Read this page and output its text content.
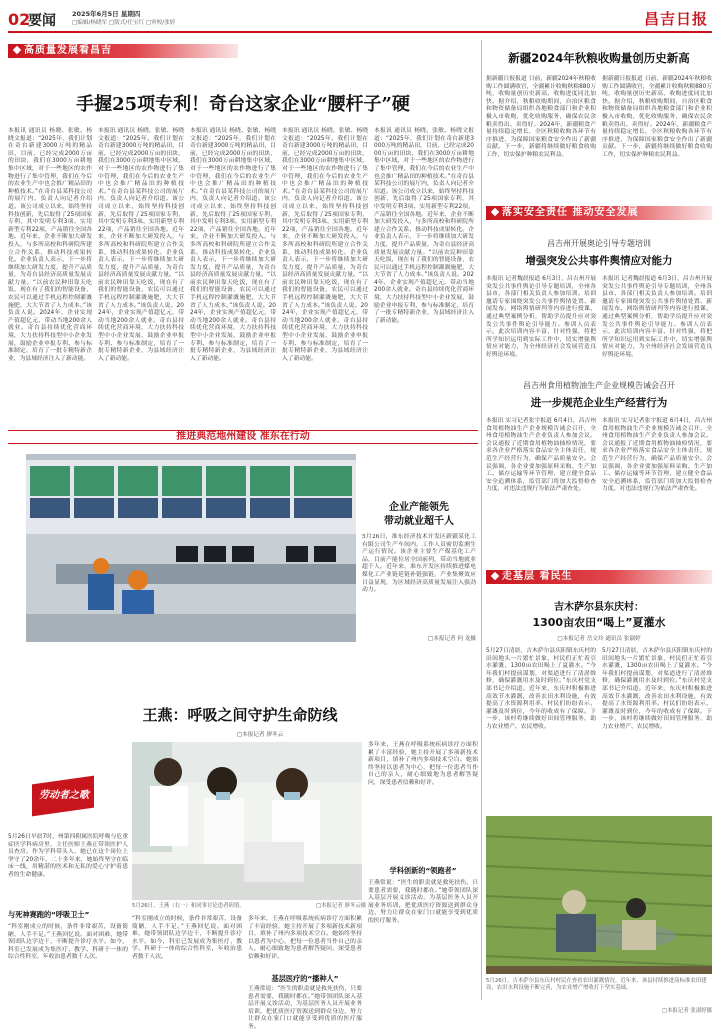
02
要闻 2025年6月5日 星期四
□编辑/杨晓军 □版式/任宝红 □审校/张婷	昌吉日报
高质量发展看昌吉
手握25项专利！奇台这家企业“腰杆子”硬
本报讯 通讯员 杨晓、张敏、杨晓文报道：“2025年，我们计划在奇台新建3000万吨的精品田，目前，已经完成2000万亩的田块，我们在3000万亩耕地集中区域，对于一些地区的农作物进行了集中管理，我们在今后的农业生产中也会推广精品田的种植技术。”在奇台县某科技公司的展厅内，负责人向记者介绍道。该公司成立以来，始终坚持科技创新，先后取得了25项国家专利，其中发明专利3项、实用新型专利22项，产品销往全国各地。近年来，企业不断加大研发投入，与多所高校和科研院所建立合作关系，推动科技成果转化。企业负责人表示，下一步将继续加大研发力度，提升产品质量，为奇台县经济高质量发展贡献力量。“以前农民种田靠天吃饭，现在有了我们的智能设备，农民可以通过手机远程控制灌溉施肥，大大节省了人力成本。”该负责人说。2024年，企业实现产值超亿元，带动当地200余人就业。奇台县持续优化营商环境，大力扶持科技型中小企业发展，鼓励企业申报专利、参与标准制定，培育了一批专精特新企业，为县域经济注入了新动能。
本报讯 通讯员 杨晓、张敏、杨晓文报道：“2025年，我们计划在奇台新建3000万吨的精品田，目前，已经完成2000万亩的田块，我们在3000万亩耕地集中区域，对于一些地区的农作物进行了集中管理，我们在今后的农业生产中也会推广精品田的种植技术。”在奇台县某科技公司的展厅内，负责人向记者介绍道。该公司成立以来，始终坚持科技创新，先后取得了25项国家专利，其中发明专利3项、实用新型专利22项，产品销往全国各地。近年来，企业不断加大研发投入，与多所高校和科研院所建立合作关系，推动科技成果转化。企业负责人表示，下一步将继续加大研发力度，提升产品质量，为奇台县经济高质量发展贡献力量。“以前农民种田靠天吃饭，现在有了我们的智能设备，农民可以通过手机远程控制灌溉施肥，大大节省了人力成本。”该负责人说。2024年，企业实现产值超亿元，带动当地200余人就业。奇台县持续优化营商环境，大力扶持科技型中小企业发展，鼓励企业申报专利、参与标准制定，培育了一批专精特新企业，为县域经济注入了新动能。
本报讯 通讯员 杨晓、张敏、杨晓文报道：“2025年，我们计划在奇台新建3000万吨的精品田，目前，已经完成2000万亩的田块，我们在3000万亩耕地集中区域，对于一些地区的农作物进行了集中管理，我们在今后的农业生产中也会推广精品田的种植技术。”在奇台县某科技公司的展厅内，负责人向记者介绍道。该公司成立以来，始终坚持科技创新，先后取得了25项国家专利，其中发明专利3项、实用新型专利22项，产品销往全国各地。近年来，企业不断加大研发投入，与多所高校和科研院所建立合作关系，推动科技成果转化。企业负责人表示，下一步将继续加大研发力度，提升产品质量，为奇台县经济高质量发展贡献力量。“以前农民种田靠天吃饭，现在有了我们的智能设备，农民可以通过手机远程控制灌溉施肥，大大节省了人力成本。”该负责人说。2024年，企业实现产值超亿元，带动当地200余人就业。奇台县持续优化营商环境，大力扶持科技型中小企业发展，鼓励企业申报专利、参与标准制定，培育了一批专精特新企业，为县域经济注入了新动能。
本报讯 通讯员 杨晓、张敏、杨晓文报道：“2025年，我们计划在奇台新建3000万吨的精品田，目前，已经完成2000万亩的田块，我们在3000万亩耕地集中区域，对于一些地区的农作物进行了集中管理，我们在今后的农业生产中也会推广精品田的种植技术。”在奇台县某科技公司的展厅内，负责人向记者介绍道。该公司成立以来，始终坚持科技创新，先后取得了25项国家专利，其中发明专利3项、实用新型专利22项，产品销往全国各地。近年来，企业不断加大研发投入，与多所高校和科研院所建立合作关系，推动科技成果转化。企业负责人表示，下一步将继续加大研发力度，提升产品质量，为奇台县经济高质量发展贡献力量。“以前农民种田靠天吃饭，现在有了我们的智能设备，农民可以通过手机远程控制灌溉施肥，大大节省了人力成本。”该负责人说。2024年，企业实现产值超亿元，带动当地200余人就业。奇台县持续优化营商环境，大力扶持科技型中小企业发展，鼓励企业申报专利、参与标准制定，培育了一批专精特新企业，为县域经济注入了新动能。
本报讯 通讯员 杨晓、张敏、杨晓文报道：“2025年，我们计划在奇台新建3000万吨的精品田，目前，已经完成2000万亩的田块，我们在3000万亩耕地集中区域，对于一些地区的农作物进行了集中管理，我们在今后的农业生产中也会推广精品田的种植技术。”在奇台县某科技公司的展厅内，负责人向记者介绍道。该公司成立以来，始终坚持科技创新，先后取得了25项国家专利，其中发明专利3项、实用新型专利22项，产品销往全国各地。近年来，企业不断加大研发投入，与多所高校和科研院所建立合作关系，推动科技成果转化。企业负责人表示，下一步将继续加大研发力度，提升产品质量，为奇台县经济高质量发展贡献力量。“以前农民种田靠天吃饭，现在有了我们的智能设备，农民可以通过手机远程控制灌溉施肥，大大节省了人力成本。”该负责人说。2024年，企业实现产值超亿元，带动当地200余人就业。奇台县持续优化营商环境，大力扶持科技型中小企业发展，鼓励企业申报专利、参与标准制定，培育了一批专精特新企业，为县域经济注入了新动能。
新疆2024年秋粮收购量创历史新高
据新疆日报报道 日前，新疆2024年秋粮收购工作圆满收官，全疆累计收购秋粮880万吨，收购量创历史新高，收购进度同比加快。据介绍，秋粮收购期间，自治区粮食和物资储备局组织各地粮食部门和企业积极入市收购，优化收购服务，确保农民余粮卖得出、卖得好。2024年，新疆粮食产量持续稳定增长，全区秋粮收购各环节有序推进，为保障国家粮食安全作出了新疆贡献。下一步，新疆将继续做好粮食收购工作，切实保护种粮农民利益。
据新疆日报报道 日前，新疆2024年秋粮收购工作圆满收官，全疆累计收购秋粮880万吨，收购量创历史新高，收购进度同比加快。据介绍，秋粮收购期间，自治区粮食和物资储备局组织各地粮食部门和企业积极入市收购，优化收购服务，确保农民余粮卖得出、卖得好。2024年，新疆粮食产量持续稳定增长，全区秋粮收购各环节有序推进，为保障国家粮食安全作出了新疆贡献。下一步，新疆将继续做好粮食收购工作，切实保护种粮农民利益。
落实安全责任 推动安全发展
昌吉州开展奥论引导专题培训
增强突发公共事件舆情应对能力
本报讯 记者魏晨报道 6月3日，昌吉州开展突发公共事件舆论引导专题培训，全州各县市、各部门相关负责人参加培训。培训邀请专家围绕突发公共事件舆情处置、新闻发布、网络舆情研判等内容进行授课，通过典型案例分析，帮助学员提升应对突发公共事件舆论引导能力。参训人员表示，此次培训内容丰富、针对性强，将把所学知识运用到实际工作中，切实增强舆情应对能力，为全州经济社会发展营造良好舆论环境。
本报讯 记者魏晨报道 6月3日，昌吉州开展突发公共事件舆论引导专题培训，全州各县市、各部门相关负责人参加培训。培训邀请专家围绕突发公共事件舆情处置、新闻发布、网络舆情研判等内容进行授课，通过典型案例分析，帮助学员提升应对突发公共事件舆论引导能力。参训人员表示，此次培训内容丰富、针对性强，将把所学知识运用到实际工作中，切实增强舆情应对能力，为全州经济社会发展营造良好舆论环境。
昌吉州食用植物油生产企业规模告诫会召开
进一步规范企业生产经营行为
本报讯 实习记者张宇报道 6月4日，昌吉州食用植物油生产企业规模告诫会召开，全州食用植物油生产企业负责人参加会议。会议通报了近期食用植物油抽检情况，要求各企业严格落实食品安全主体责任，规范生产经营行为，确保产品质量安全。会议强调，各企业要加强原料采购、生产加工、储存运输等环节管理，建立健全食品安全追溯体系，监管部门将加大监督检查力度，对违法违规行为依法严肃查处。
本报讯 实习记者张宇报道 6月4日，昌吉州食用植物油生产企业规模告诫会召开，全州食用植物油生产企业负责人参加会议。会议通报了近期食用植物油抽检情况，要求各企业严格落实食品安全主体责任，规范生产经营行为，确保产品质量安全。会议强调，各企业要加强原料采购、生产加工、储存运输等环节管理，建立健全食品安全追溯体系，监管部门将加大监督检查力度，对违法违规行为依法严肃查处。
推进典范地州建设 准东在行动
企业产能领先
带动就业超千人
5月26日，准东经济技术开发区新疆某化工有限公司生产车间内，工作人员密切监测生产运行情况。该企业主要生产煤基化工产品，目前产能位居全国前列，带动当地就业超千人。近年来，准东开发区持续推进煤电煤化工产业链延链补链强链，产业集聚效应日益显现，为区域经济高质量发展注入强劲动力。
□本报记者 何 龙摄
王燕：呼吸之间守护生命防线
□本报记者 廖冬云
劳动者之歌
5月26日，王燕（右一）和同事讨论患者病情。	□本报记者 廖冬云摄
5月26日早晨7时，州第四附属医院呼吸与危重症医学科病房里，主任医师王燕正带领医护人员查房。作为学科带头人，她已在这个岗位上坚守了20余年。二十多年来，她始终坚守在临床一线，用精湛的医术和无私的爱心守护着患者的生命健康。
与死神赛跑的“呼吸卫士”
“科室刚成立的时候，条件非常艰苦，设备简陋，人手不足。”王燕回忆说。面对困难，她带领团队边学边干，不断提升诊疗水平。如今，科室已发展成为集医疗、教学、科研于一体的综合性科室，年收治患者数千人次。
“科室刚成立的时候，条件非常艰苦，设备简陋，人手不足。”王燕回忆说。面对困难，她带领团队边学边干，不断提升诊疗水平。如今，科室已发展成为集医疗、教学、科研于一体的综合性科室，年收治患者数千人次。
多年来，王燕在呼吸系统疾病诊疗方面积累了丰富经验，她主持开展了多项新技术新项目，填补了州内多项技术空白。她始终坚持以患者为中心，把每一位患者当作自己的亲人，耐心细致地为患者解答疑问，深受患者信赖和好评。
基层医疗的“播种人”
王燕常说：“医生的职责就是救死扶伤，只要患者需要，我随时都在。”她带领团队深入基层开展义诊活动，为基层医务人员开展业务培训，把优质医疗资源送到群众身边，努力让群众在家门口就能享受到优质的医疗服务。
多年来，王燕在呼吸系统疾病诊疗方面积累了丰富经验，她主持开展了多项新技术新项目，填补了州内多项技术空白。她始终坚持以患者为中心，把每一位患者当作自己的亲人，耐心细致地为患者解答疑问，深受患者信赖和好评。
学科创新的“领跑者”
王燕常说：“医生的职责就是救死扶伤，只要患者需要，我随时都在。”她带领团队深入基层开展义诊活动，为基层医务人员开展业务培训，把优质医疗资源送到群众身边，努力让群众在家门口就能享受到优质的医疗服务。
走基层 看民生
吉木萨尔县东庆村：
1300亩农田“喝上”夏灌水
□本报记者 岳文玲 通讯员 张淑婷
5月27日清晨，吉木萨尔县庆阳镇东庆村的田间地头一片繁忙景象，村民们正忙着引水灌溉，1300亩农田喝上了夏灌水。“今年我们村提前谋划，对渠道进行了清淤维修，确保灌溉用水及时到位。”东庆村党支部书记介绍道。近年来，东庆村积极推进高效节水灌溉，改善农田水利设施，有效提高了水资源利用率。村民们纷纷表示，灌溉及时到位，今年的收成有了保障。下一步，该村将继续做好田间管理服务，助力农业增产、农民增收。
5月27日清晨，吉木萨尔县庆阳镇东庆村的田间地头一片繁忙景象，村民们正忙着引水灌溉，1300亩农田喝上了夏灌水。“今年我们村提前谋划，对渠道进行了清淤维修，确保灌溉用水及时到位。”东庆村党支部书记介绍道。近年来，东庆村积极推进高效节水灌溉，改善农田水利设施，有效提高了水资源利用率。村民们纷纷表示，灌溉及时到位，今年的收成有了保障。下一步，该村将继续做好田间管理服务，助力农业增产、农民增收。
5月26日，吉木萨尔县东庆村村民在查看农田灌溉情况。近年来，该县持续推进高标准农田建设，农田水利设施不断完善，为农业增产增收打下坚实基础。
□本报记者 张淑婷摄
